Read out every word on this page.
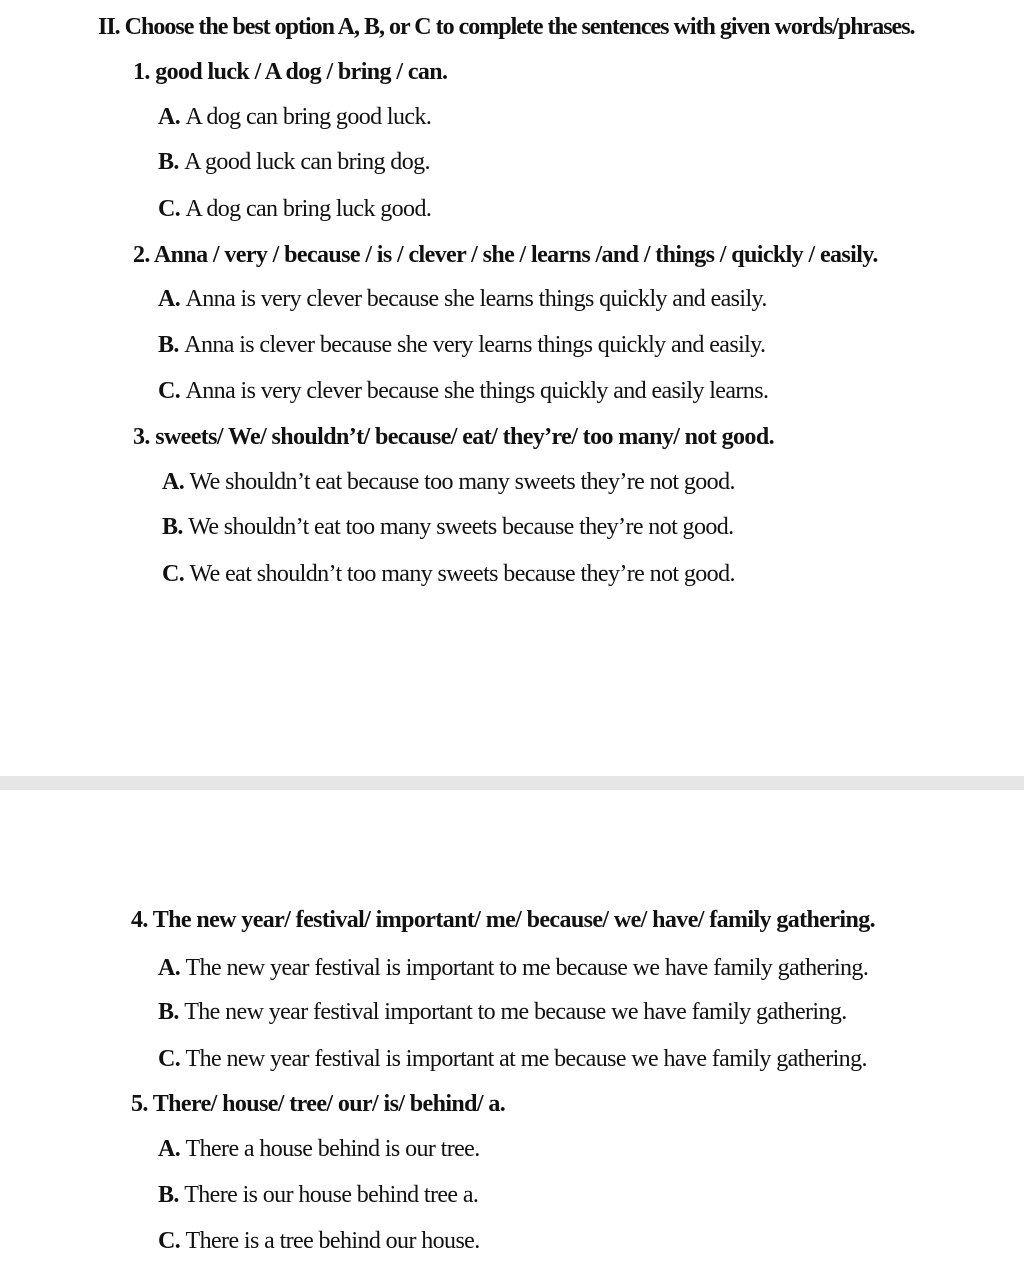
II. Choose the best option A, B, or C to complete the sentences with given words/phrases.
1. good luck / A dog / bring / can.
A. A dog can bring good luck.
B. A good luck can bring dog.
C. A dog can bring luck good.
2. Anna / very / because / is / clever / she / learns /and / things / quickly / easily.
A. Anna is very clever because she learns things quickly and easily.
B. Anna is clever because she very learns things quickly and easily.
C. Anna is very clever because she things quickly and easily learns.
3. sweets/ We/ shouldn’t/ because/ eat/ they’re/ too many/ not good.
A. We shouldn’t eat because too many sweets they’re not good.
B. We shouldn’t eat too many sweets because they’re not good.
C. We eat shouldn’t too many sweets because they’re not good.
4. The new year/ festival/ important/ me/ because/ we/ have/ family gathering.
A. The new year festival is important to me because we have family gathering.
B. The new year festival important to me because we have family gathering.
C. The new year festival is important at me because we have family gathering.
5. There/ house/ tree/ our/ is/ behind/ a.
A. There a house behind is our tree.
B. There is our house behind tree a.
C. There is a tree behind our house.
